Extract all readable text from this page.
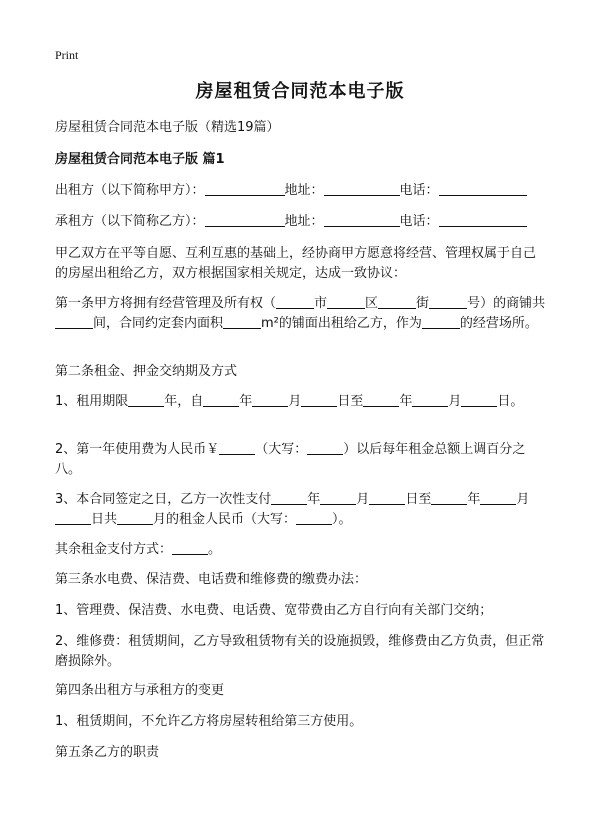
Print
房屋租赁合同范本电子版

房屋租赁合同范本电子版（精选19篇）

房屋租赁合同范本电子版 篇1

出租方（以下简称甲方）：	地址：	电话：

承租方（以下简称乙方）：	地址：	电话：

甲乙双方在平等自愿、互利互惠的基础上，经协商甲方愿意将经营、管理权属于自己的房屋出租给乙方，双方根据国家相关规定，达成一致协议：

第一条甲方将拥有经营管理及所有权（	市	区	街	号）的商铺共间，合同约定套内面积	m²的铺面出租给乙方，作为	的经营场所。

第二条租金、押金交纳期及方式

1、租用期限	年，自	年	月	日至	年	月	日。

2、第一年使用费为人民币￥	（大写：	）以后每年租金总额上调百分之八。

3、本合同签定之日，乙方一次性支付	年	月	日至	年	月日共	月的租金人民币（大写：	）。

其余租金支付方式：	。

第三条水电费、保洁费、电话费和维修费的缴费办法：

1、管理费、保洁费、水电费、电话费、宽带费由乙方自行向有关部门交纳；

2、维修费：租赁期间，乙方导致租赁物有关的设施损毁，维修费由乙方负责，但正常磨损除外。

第四条出租方与承租方的变更

1、租赁期间，不允许乙方将房屋转租给第三方使用。

第五条乙方的职责
